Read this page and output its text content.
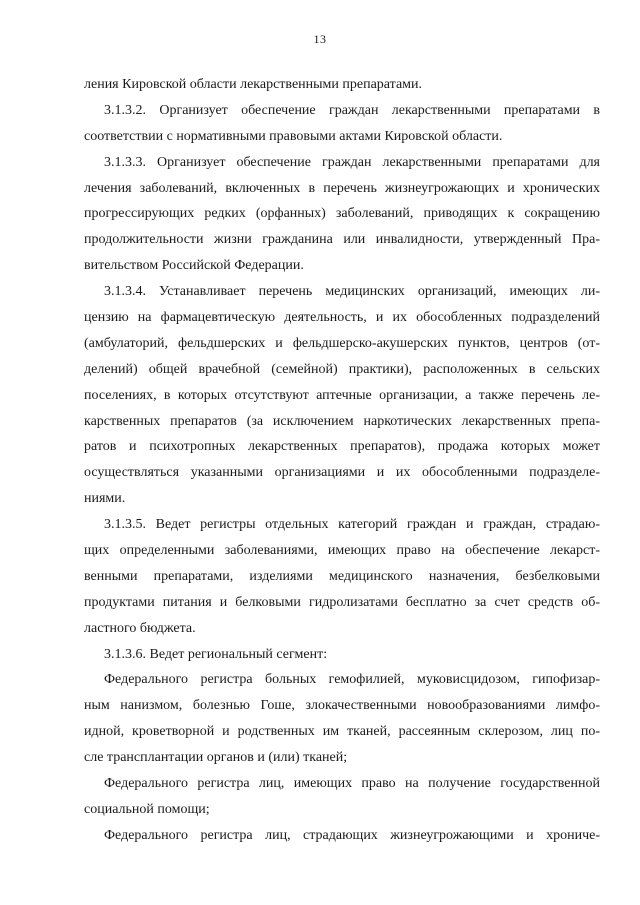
13
ления Кировской области лекарственными препаратами.
3.1.3.2. Организует обеспечение граждан лекарственными препаратами в
соответствии с нормативными правовыми актами Кировской области.
3.1.3.3. Организует обеспечение граждан лекарственными препаратами для
лечения заболеваний, включенных в перечень жизнеугрожающих и хронических
прогрессирующих редких (орфанных) заболеваний, приводящих к сокращению
продолжительности жизни гражданина или инвалидности, утвержденный Пра-
вительством Российской Федерации.
3.1.3.4. Устанавливает перечень медицинских организаций, имеющих ли-
цензию на фармацевтическую деятельность, и их обособленных подразделений
(амбулаторий, фельдшерских и фельдшерско-акушерских пунктов, центров (от-
делений) общей врачебной (семейной) практики), расположенных в сельских
поселениях, в которых отсутствуют аптечные организации, а также перечень ле-
карственных препаратов (за исключением наркотических лекарственных препа-
ратов и психотропных лекарственных препаратов), продажа которых может
осуществляться указанными организациями и их обособленными подразделе-
ниями.
3.1.3.5. Ведет регистры отдельных категорий граждан и граждан, страдаю-
щих определенными заболеваниями, имеющих право на обеспечение лекарст-
венными препаратами, изделиями медицинского назначения, безбелковыми
продуктами питания и белковыми гидролизатами бесплатно за счет средств об-
ластного бюджета.
3.1.3.6. Ведет региональный сегмент:
Федерального регистра больных гемофилией, муковисцидозом, гипофизар-
ным нанизмом, болезнью Гоше, злокачественными новообразованиями лимфо-
идной, кроветворной и родственных им тканей, рассеянным склерозом, лиц по-
сле трансплантации органов и (или) тканей;
Федерального регистра лиц, имеющих право на получение государственной
социальной помощи;
Федерального регистра лиц, страдающих жизнеугрожающими и хрониче-
